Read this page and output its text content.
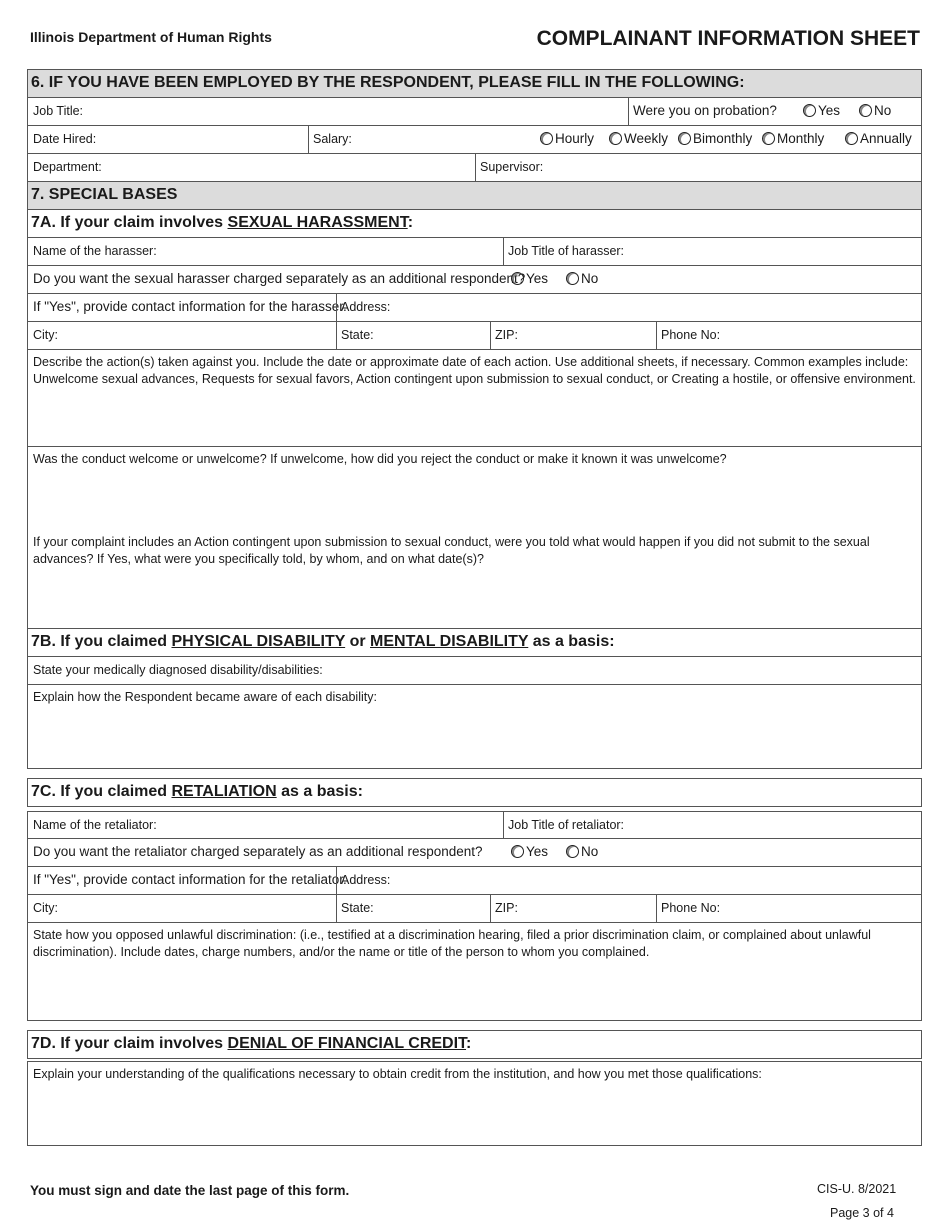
Illinois Department of Human Rights	COMPLAINANT INFORMATION SHEET
6. IF YOU HAVE BEEN EMPLOYED BY THE RESPONDENT, PLEASE FILL IN THE FOLLOWING:
Job Title:	Were you on probation?	Yes	No
Date Hired:	Salary:	Hourly Weekly Bimonthly Monthly	Annually
Department:	Supervisor:
7. SPECIAL BASES
7A. If your claim involves SEXUAL HARASSMENT:
Name of the harasser:	Job Title of harasser:
Do you want the sexual harasser charged separately as an additional respondent? Yes No
If "Yes", provide contact information for the harasser.
Address:
City:	State:	ZIP:	Phone No:
Describe the action(s) taken against you. Include the date or approximate date of each action. Use additional sheets, if necessary. Common examples include: Unwelcome sexual advances, Requests for sexual favors, Action contingent upon submission to sexual conduct, or Creating a hostile, or offensive environment.
Was the conduct welcome or unwelcome? If unwelcome, how did you reject the conduct or make it known it was unwelcome?
If your complaint includes an Action contingent upon submission to sexual conduct, were you told what would happen if you did not submit to the sexual advances? If Yes, what were you specifically told, by whom, and on what date(s)?
7B. If you claimed PHYSICAL DISABILITY or MENTAL DISABILITY as a basis:
State your medically diagnosed disability/disabilities:
Explain how the Respondent became aware of each disability:
7C. If you claimed RETALIATION as a basis:
Name of the retaliator:	Job Title of retaliator:
Do you want the retaliator charged separately as an additional respondent?	Yes No
If "Yes", provide contact information for the retaliator.
Address:
City:	State:	ZIP:	Phone No:
State how you opposed unlawful discrimination: (i.e., testified at a discrimination hearing, filed a prior discrimination claim, or complained about unlawful discrimination). Include dates, charge numbers, and/or the name or title of the person to whom you complained.
7D. If your claim involves DENIAL OF FINANCIAL CREDIT:
Explain your understanding of the qualifications necessary to obtain credit from the institution, and how you met those qualifications:
You must sign and date the last page of this form.	CIS-U. 8/2021
Page 3 of 4
